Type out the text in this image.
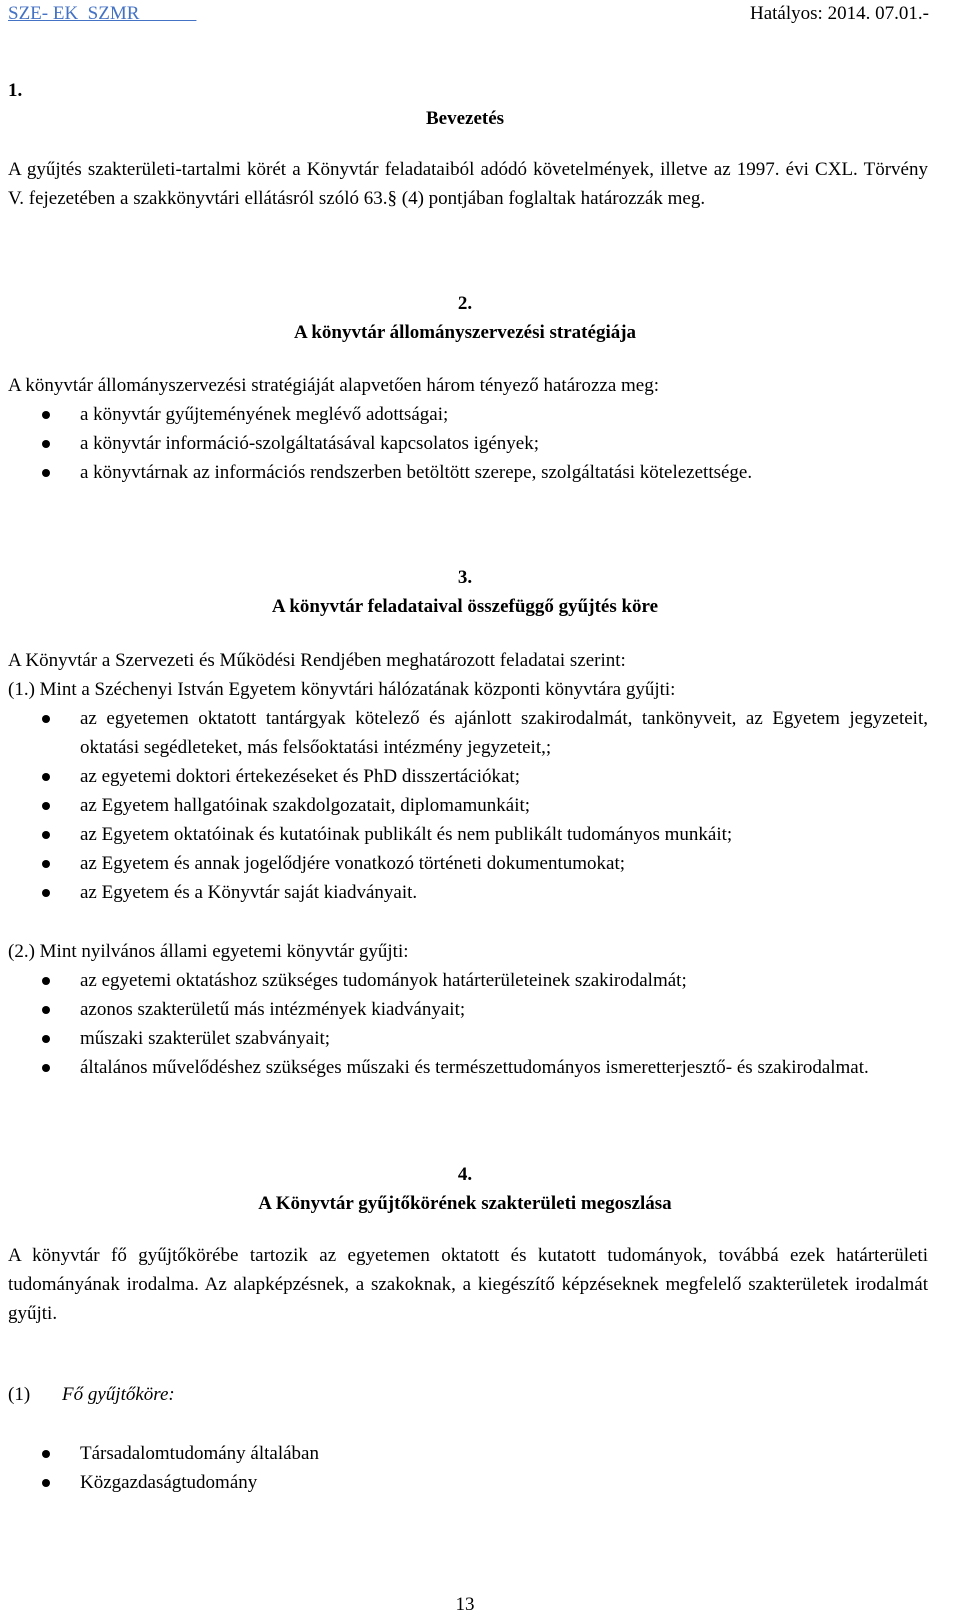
SZE- EK  SZMR	Hatályos: 2014. 07.01.-
1.
Bevezetés
A gyűjtés szakterületi-tartalmi körét a Könyvtár feladataiból adódó követelmények, illetve az 1997. évi CXL. Törvény V. fejezetében a szakkönyvtári ellátásról szóló 63.§ (4) pontjában foglaltak határozzák meg.
2.
A könyvtár állományszervezési stratégiája
A könyvtár állományszervezési stratégiáját alapvetően három tényező határozza meg:
a könyvtár gyűjteményének meglévő adottságai;
a könyvtár információ-szolgáltatásával kapcsolatos igények;
a könyvtárnak az információs rendszerben betöltött szerepe, szolgáltatási kötelezettsége.
3.
A könyvtár feladataival összefüggő gyűjtés köre
A Könyvtár a Szervezeti és Működési Rendjében meghatározott feladatai szerint:
(1.) Mint a Széchenyi István Egyetem könyvtári hálózatának központi könyvtára gyűjti:
az egyetemen oktatott tantárgyak kötelező és ajánlott szakirodalmát, tankönyveit, az Egyetem jegyzeteit, oktatási segédleteket, más felsőoktatási intézmény jegyzeteit,;
az egyetemi doktori értekezéseket és PhD disszertációkat;
az Egyetem hallgatóinak szakdolgozatait, diplomamunkáit;
az Egyetem oktatóinak és kutatóinak publikált és nem publikált tudományos munkáit;
az Egyetem és annak jogelődjére vonatkozó történeti dokumentumokat;
az Egyetem és a Könyvtár saját kiadványait.
(2.) Mint nyilvános állami egyetemi könyvtár gyűjti:
az egyetemi oktatáshoz szükséges tudományok határterületeinek szakirodalmát;
azonos szakterületű más intézmények kiadványait;
műszaki szakterület szabványait;
általános művelődéshez szükséges műszaki és természettudományos ismeretterjesztő- és szakirodalmat.
4.
A Könyvtár gyűjtőkörének szakterületi megoszlása
A könyvtár fő gyűjtőkörébe tartozik az egyetemen oktatott és kutatott tudományok, továbbá ezek határterületi tudományának irodalma. Az alapképzésnek, a szakoknak, a kiegészítő képzéseknek megfelelő szakterületek irodalmát gyűjti.
(1) Fő gyűjtőköre:
Társadalomtudomány általában
Közgazdaságtudomány
13
